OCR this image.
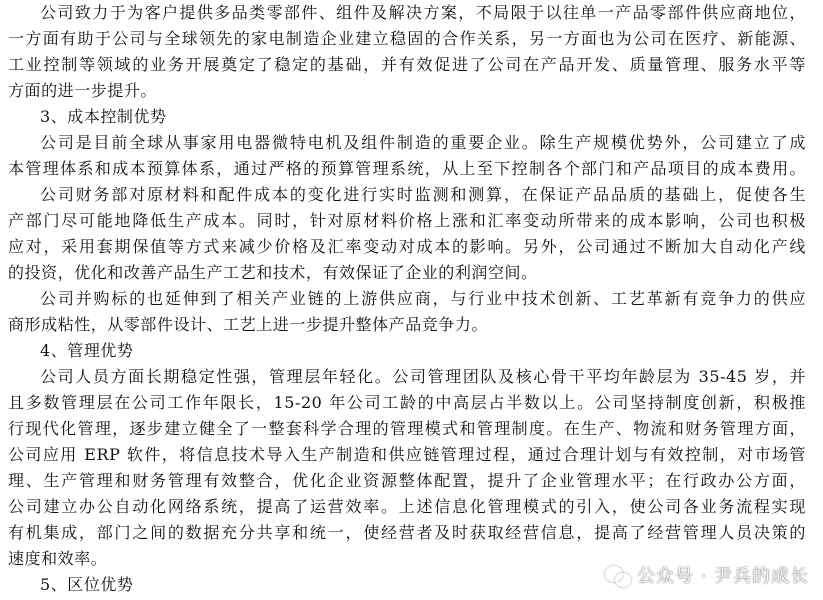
公司致力于为客户提供多品类零部件、组件及解决方案，不局限于以往单一产品零部件供应商地位，
一方面有助于公司与全球领先的家电制造企业建立稳固的合作关系，另一方面也为公司在医疗、新能源、
工业控制等领域的业务开展奠定了稳定的基础，并有效促进了公司在产品开发、质量管理、服务水平等
方面的进一步提升。
3、成本控制优势
公司是目前全球从事家用电器微特电机及组件制造的重要企业。除生产规模优势外，公司建立了成
本管理体系和成本预算体系，通过严格的预算管理系统，从上至下控制各个部门和产品项目的成本费用。
公司财务部对原材料和配件成本的变化进行实时监测和测算，在保证产品品质的基础上，促使各生
产部门尽可能地降低生产成本。同时，针对原材料价格上涨和汇率变动所带来的成本影响，公司也积极
应对，采用套期保值等方式来减少价格及汇率变动对成本的影响。另外，公司通过不断加大自动化产线
的投资，优化和改善产品生产工艺和技术，有效保证了企业的利润空间。
公司并购标的也延伸到了相关产业链的上游供应商，与行业中技术创新、工艺革新有竞争力的供应
商形成粘性，从零部件设计、工艺上进一步提升整体产品竞争力。
4、管理优势
公司人员方面长期稳定性强，管理层年轻化。公司管理团队及核心骨干平均年龄层为 35-45 岁，并
且多数管理层在公司工作年限长，15-20 年公司工龄的中高层占半数以上。公司坚持制度创新，积极推
行现代化管理，逐步建立健全了一整套科学合理的管理模式和管理制度。在生产、物流和财务管理方面，
公司应用 ERP 软件，将信息技术导入生产制造和供应链管理过程，通过合理计划与有效控制，对市场管
理、生产管理和财务管理有效整合，优化企业资源整体配置，提升了企业管理水平；在行政办公方面，
公司建立办公自动化网络系统，提高了运营效率。上述信息化管理模式的引入，使公司各业务流程实现
有机集成，部门之间的数据充分共享和统一，使经营者及时获取经营信息，提高了经营管理人员决策的
速度和效率。
5、区位优势	公众号 · 尹兵的成长
